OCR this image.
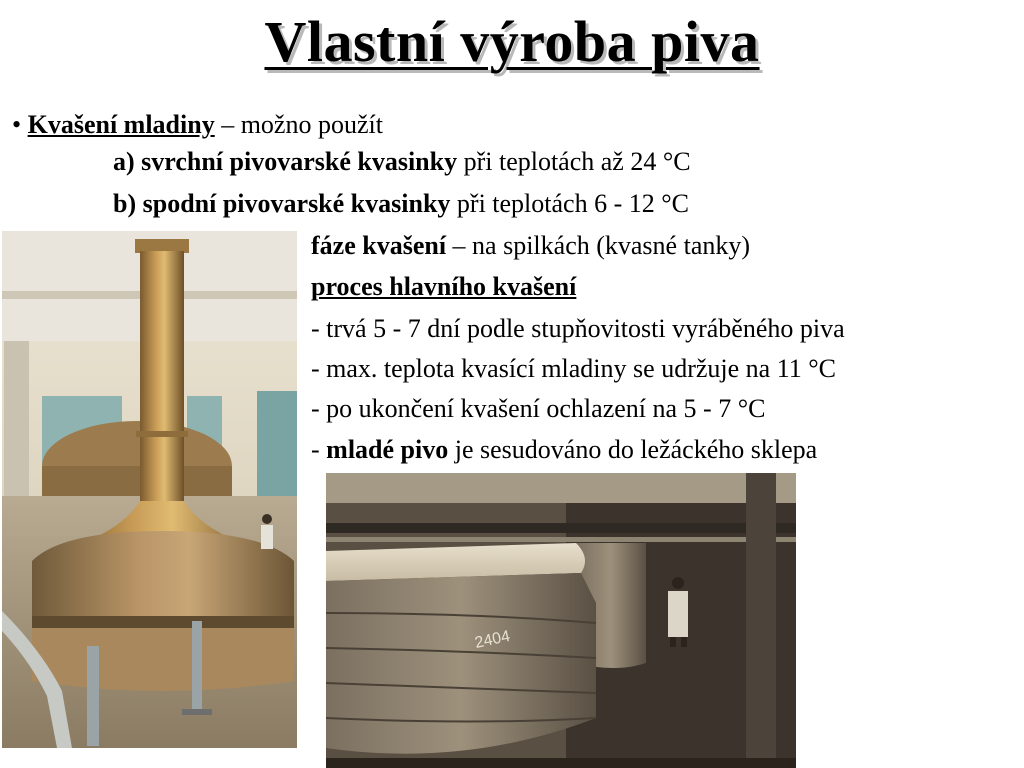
Vlastní výroba piva
• Kvašení mladiny – možno použít
a) svrchní pivovarské kvasinky při teplotách až 24 °C
b) spodní pivovarské kvasinky při teplotách 6 - 12 °C
fáze kvašení – na spilkách (kvasné tanky)
proces hlavního kvašení
- trvá 5 - 7 dní podle stupňovitosti vyráběného piva
- max. teplota kvasící mladiny se udržuje na 11 °C
- po ukončení kvašení ochlazení na 5 - 7 °C
- mladé pivo je sesudováno do ležáckého sklepa
2404
